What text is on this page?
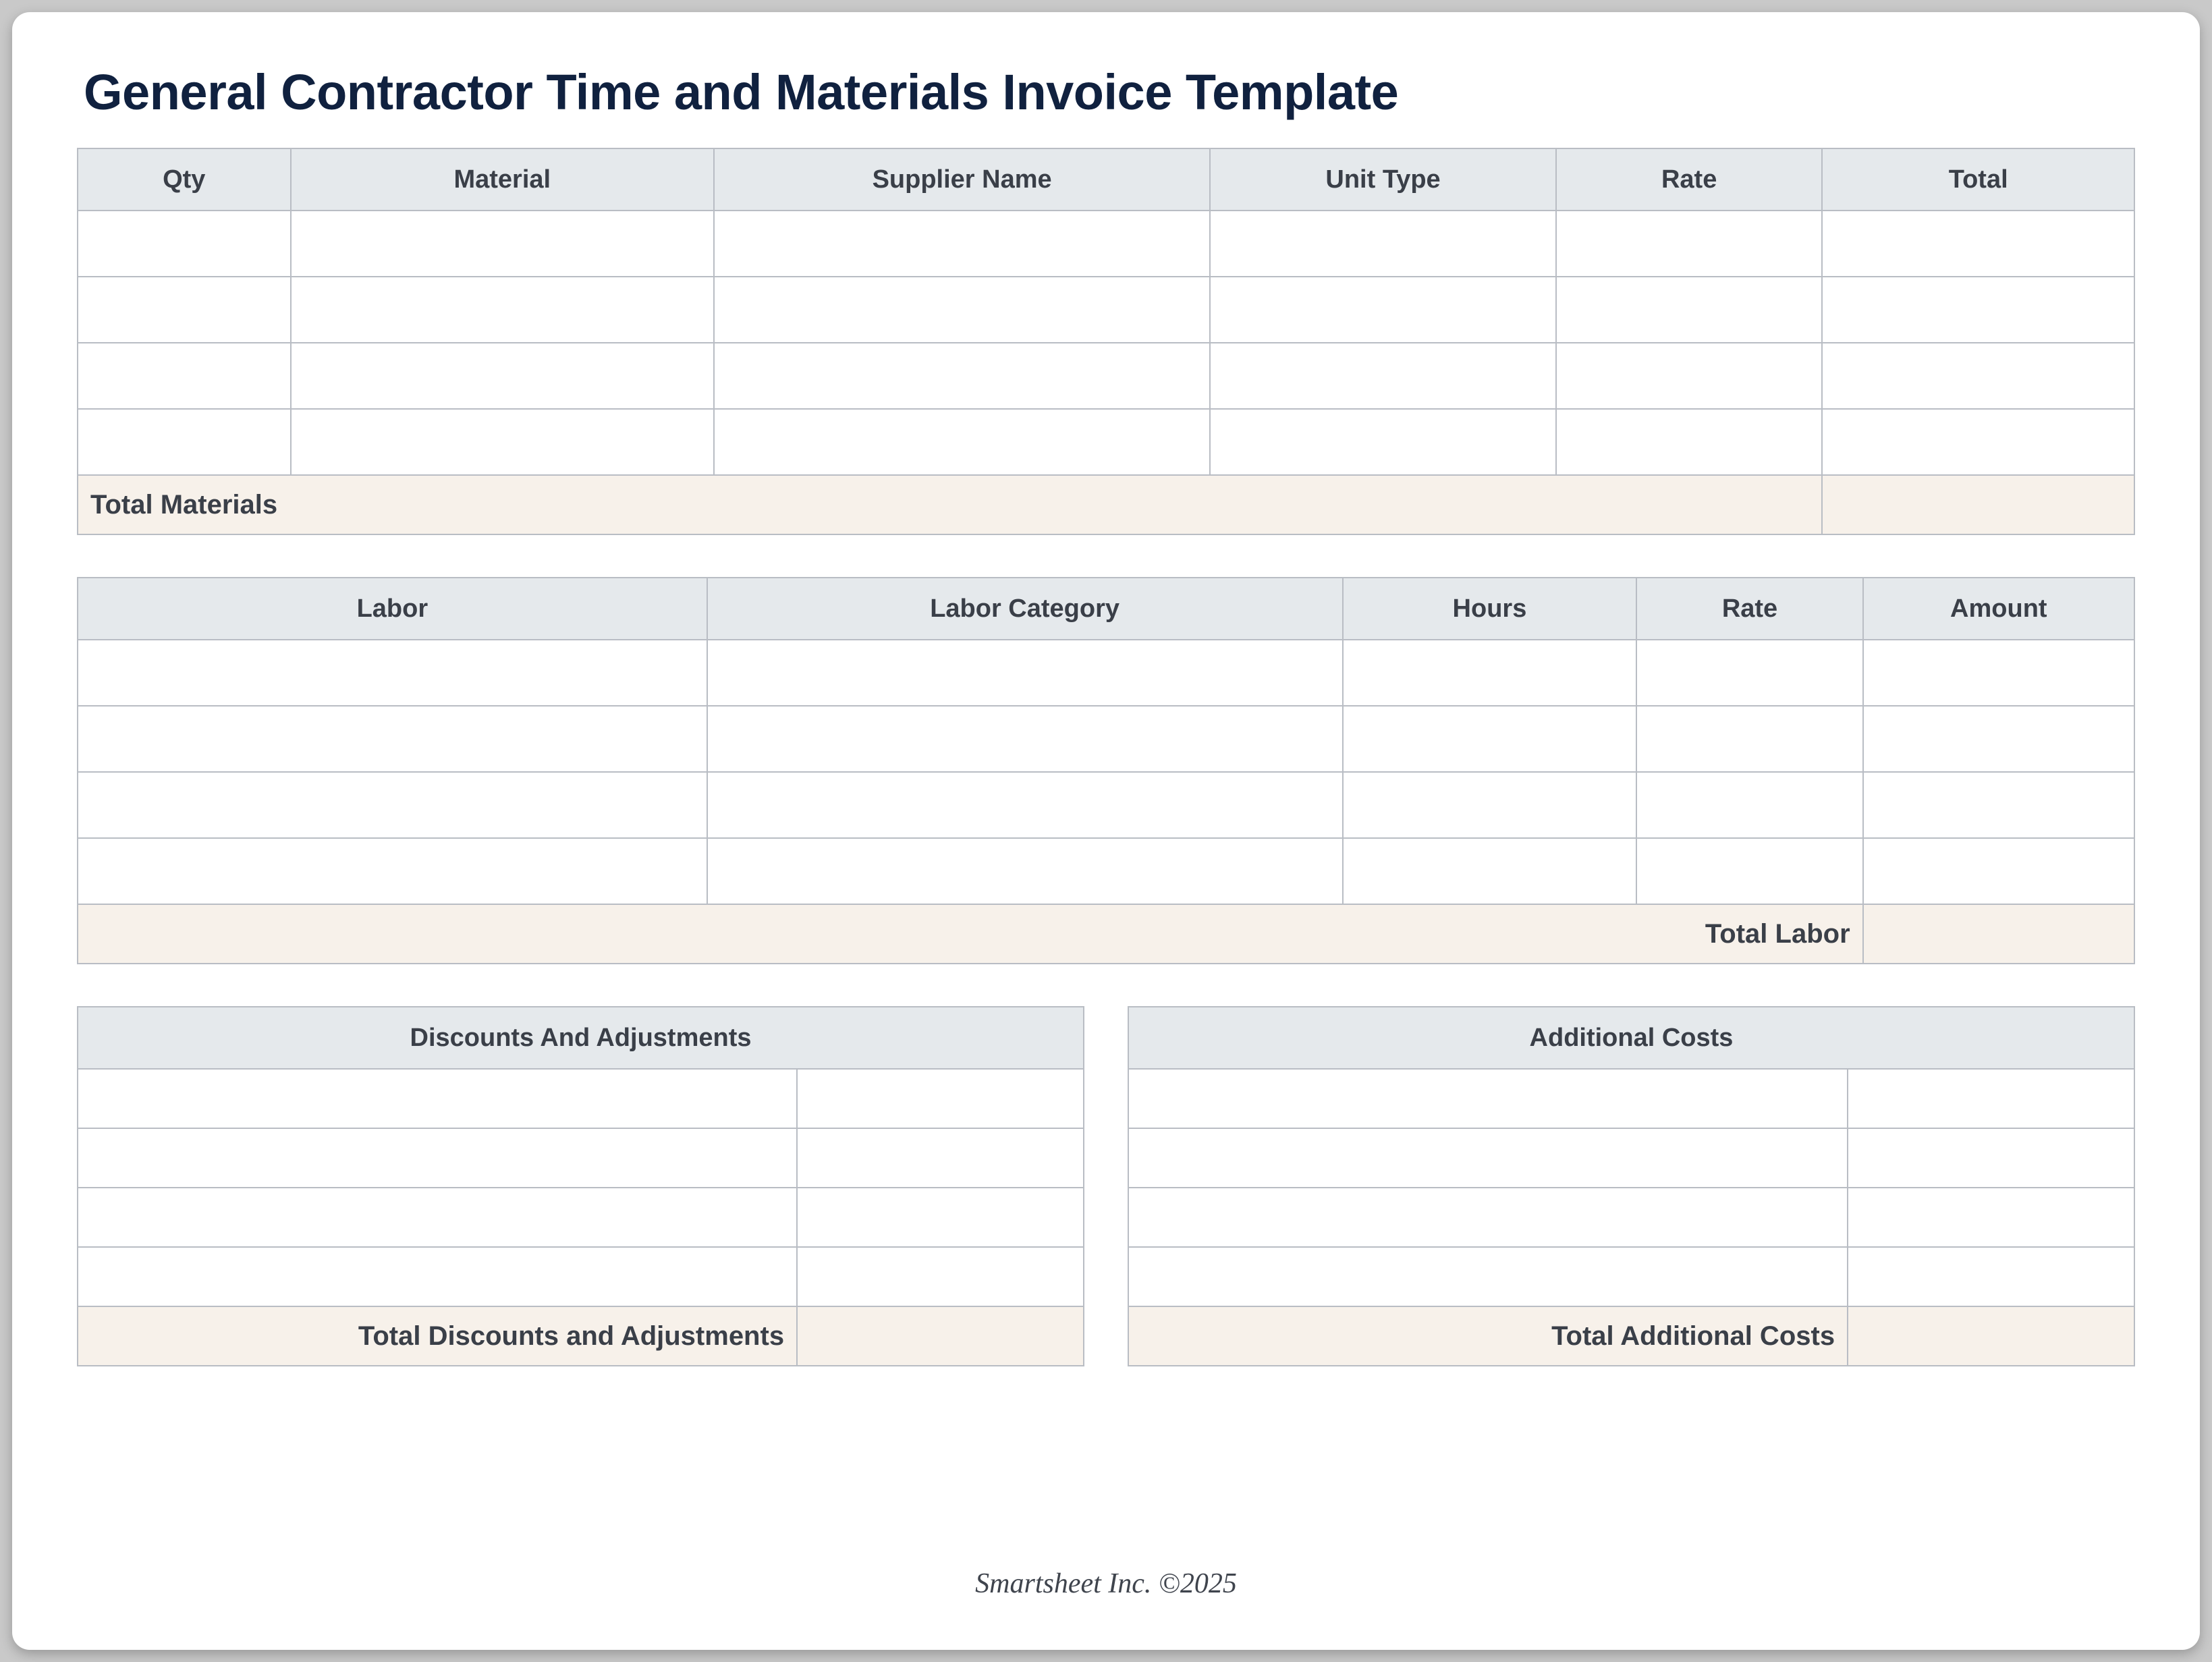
General Contractor Time and Materials Invoice Template
Qty	Material	Supplier Name	Unit Type	Rate	Total

Total Materials					
Labor	Labor Category	Hours	Rate	Amount

Total Labor				
Discounts And Adjustments	

Total Discounts and Adjustments	
Additional Costs	

Total Additional Costs	
Smartsheet Inc. ©2025
